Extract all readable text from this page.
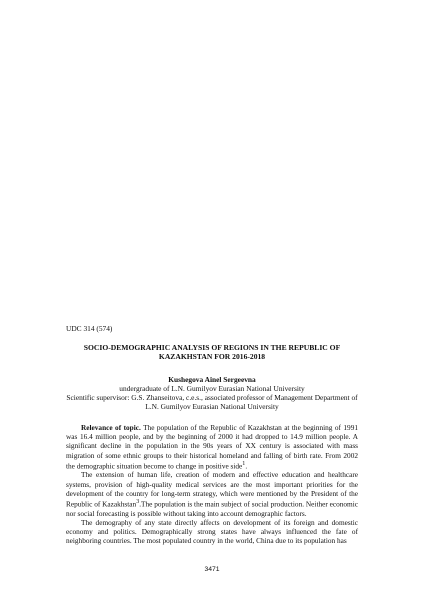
UDC 314 (574)
SOCIO-DEMOGRAPHIC ANALYSIS OF REGIONS IN THE REPUBLIC OF
KAZAKHSTAN FOR 2016-2018
Kushegova Ainel Sergeevna
undergraduate of L.N. Gumilyov Eurasian National University
Scientific supervisor: G.S. Zhanseitova, c.e.s., associated professor of Management Department of
L.N. Gumilyov Eurasian National University

Relevance of topic. The population of the Republic of Kazakhstan at the beginning of 1991 was 16.4 million people, and by the beginning of 2000 it had dropped to 14.9 million people. A significant decline in the population in the 90s years of XX century is associated with mass migration of some ethnic groups to their historical homeland and falling of birth rate. From 2002 the demographic situation become to change in positive side$^1$.

The extension of human life, creation of modern and effective education and healthcare systems, provision of high-quality medical services are the most important priorities for the development of the country for long-term strategy, which were mentioned by the President of the Republic of Kazakhstan$^3$.The population is the main subject of social production. Neither economic nor social forecasting is possible without taking into account demographic factors.

The demography of any state directly affects on development of its foreign and domestic economy and politics. Demographically strong states have always influenced the fate of neighboring countries. The most populated country in the world, China due to its population has

3471
